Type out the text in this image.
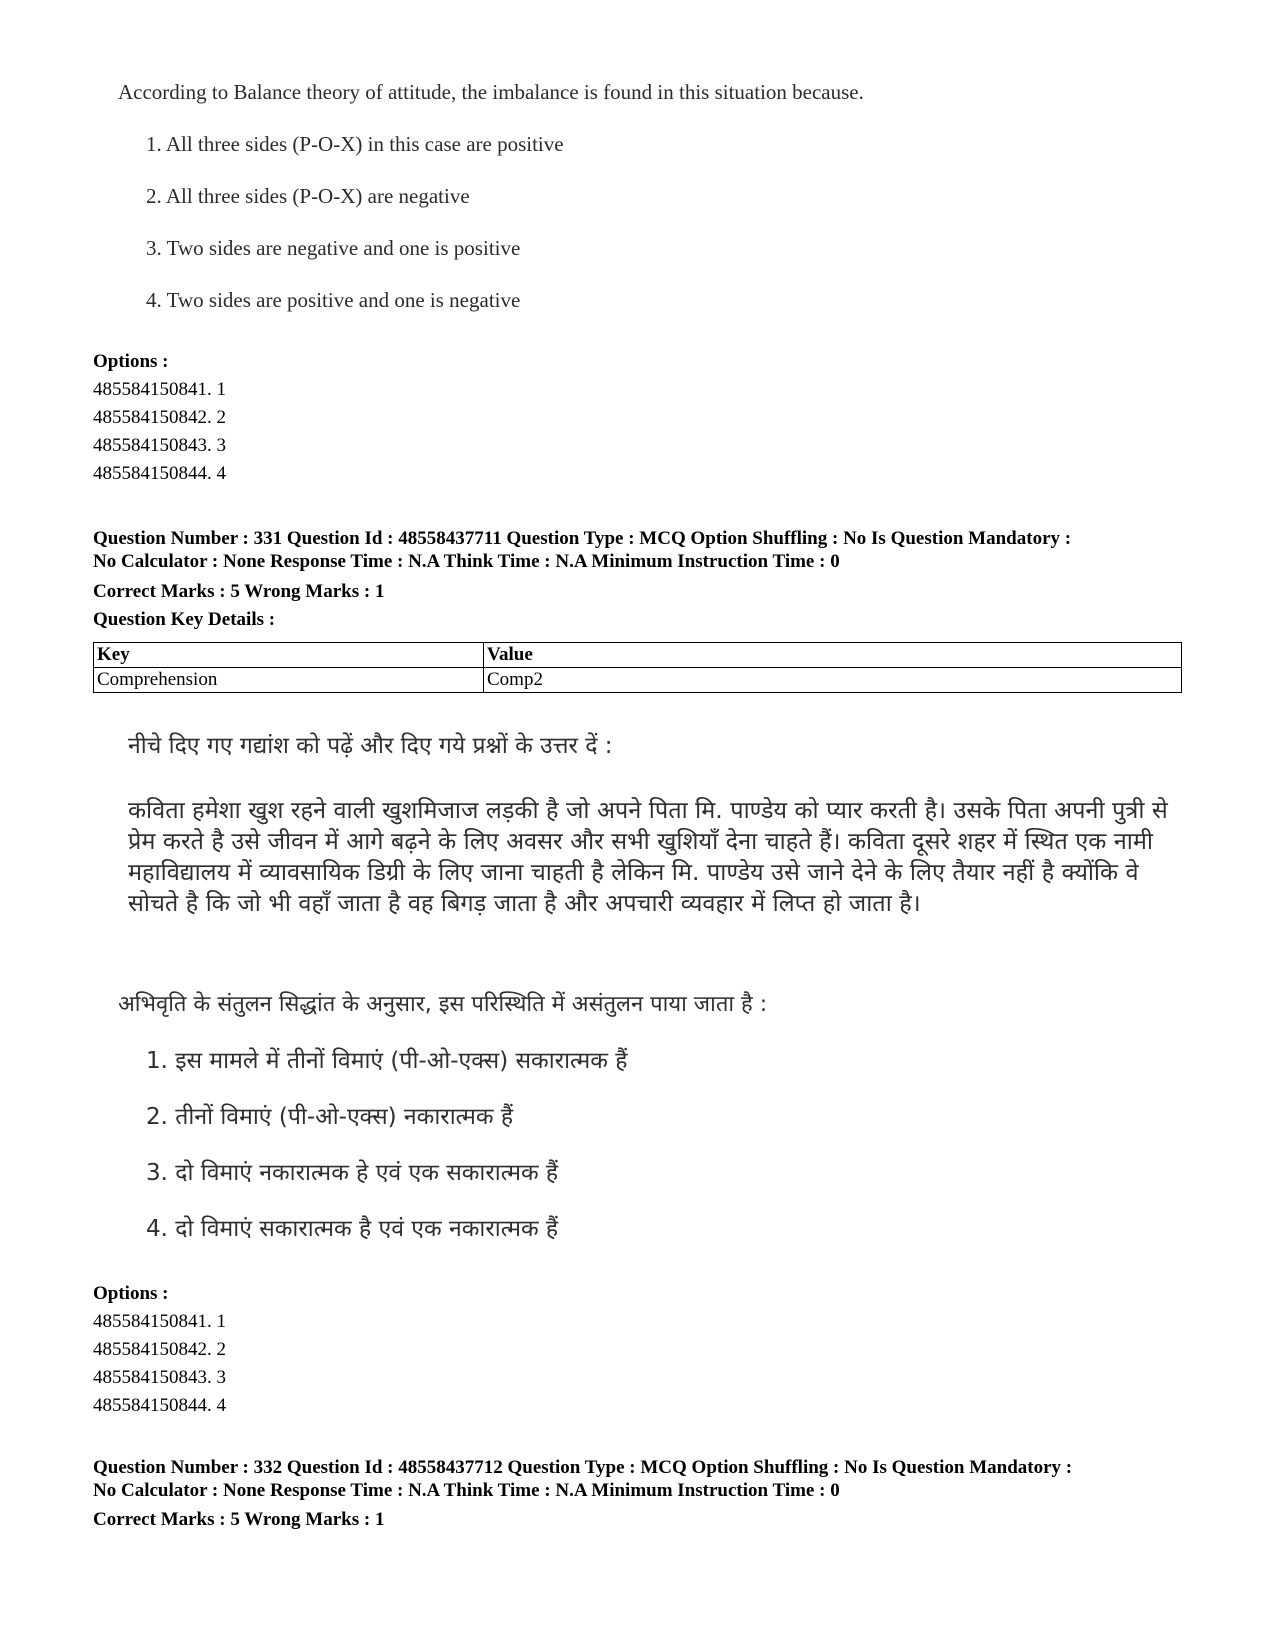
According to Balance theory of attitude, the imbalance is found in this situation because.
1. All three sides (P-O-X) in this case are positive
2. All three sides (P-O-X) are negative
3. Two sides are negative and one is positive
4. Two sides are positive and one is negative
Options :
485584150841. 1
485584150842. 2
485584150843. 3
485584150844. 4
Question Number : 331 Question Id : 48558437711 Question Type : MCQ Option Shuffling : No Is Question Mandatory :
No Calculator : None Response Time : N.A Think Time : N.A Minimum Instruction Time : 0
Correct Marks : 5 Wrong Marks : 1
Question Key Details :
Key	Value
Comprehension	Comp2
नीचे दिए गए गद्यांश को पढ़ें और दिए गये प्रश्नों के उत्तर दें :
कविता हमेशा खुश रहने वाली खुशमिजाज लड़की है जो अपने पिता मि. पाण्डेय को प्यार करती है। उसके पिता अपनी पुत्री से प्रेम करते है उसे जीवन में आगे बढ़ने के लिए अवसर और सभी खुशियाँ देना चाहते हैं। कविता दूसरे शहर में स्थित एक नामी महाविद्यालय में व्यावसायिक डिग्री के लिए जाना चाहती है लेकिन मि. पाण्डेय उसे जाने देने के लिए तैयार नहीं है क्योंकि वे सोचते है कि जो भी वहाँ जाता है वह बिगड़ जाता है और अपचारी व्यवहार में लिप्त हो जाता है।
अभिवृति के संतुलन सिद्धांत के अनुसार, इस परिस्थिति में असंतुलन पाया जाता है :
1. इस मामले में तीनों विमाएं (पी-ओ-एक्स) सकारात्मक हैं
2. तीनों विमाएं (पी-ओ-एक्स) नकारात्मक हैं
3. दो विमाएं नकारात्मक हे एवं एक सकारात्मक हैं
4. दो विमाएं सकारात्मक है एवं एक नकारात्मक हैं
Options :
485584150841. 1
485584150842. 2
485584150843. 3
485584150844. 4
Question Number : 332 Question Id : 48558437712 Question Type : MCQ Option Shuffling : No Is Question Mandatory :
No Calculator : None Response Time : N.A Think Time : N.A Minimum Instruction Time : 0
Correct Marks : 5 Wrong Marks : 1
